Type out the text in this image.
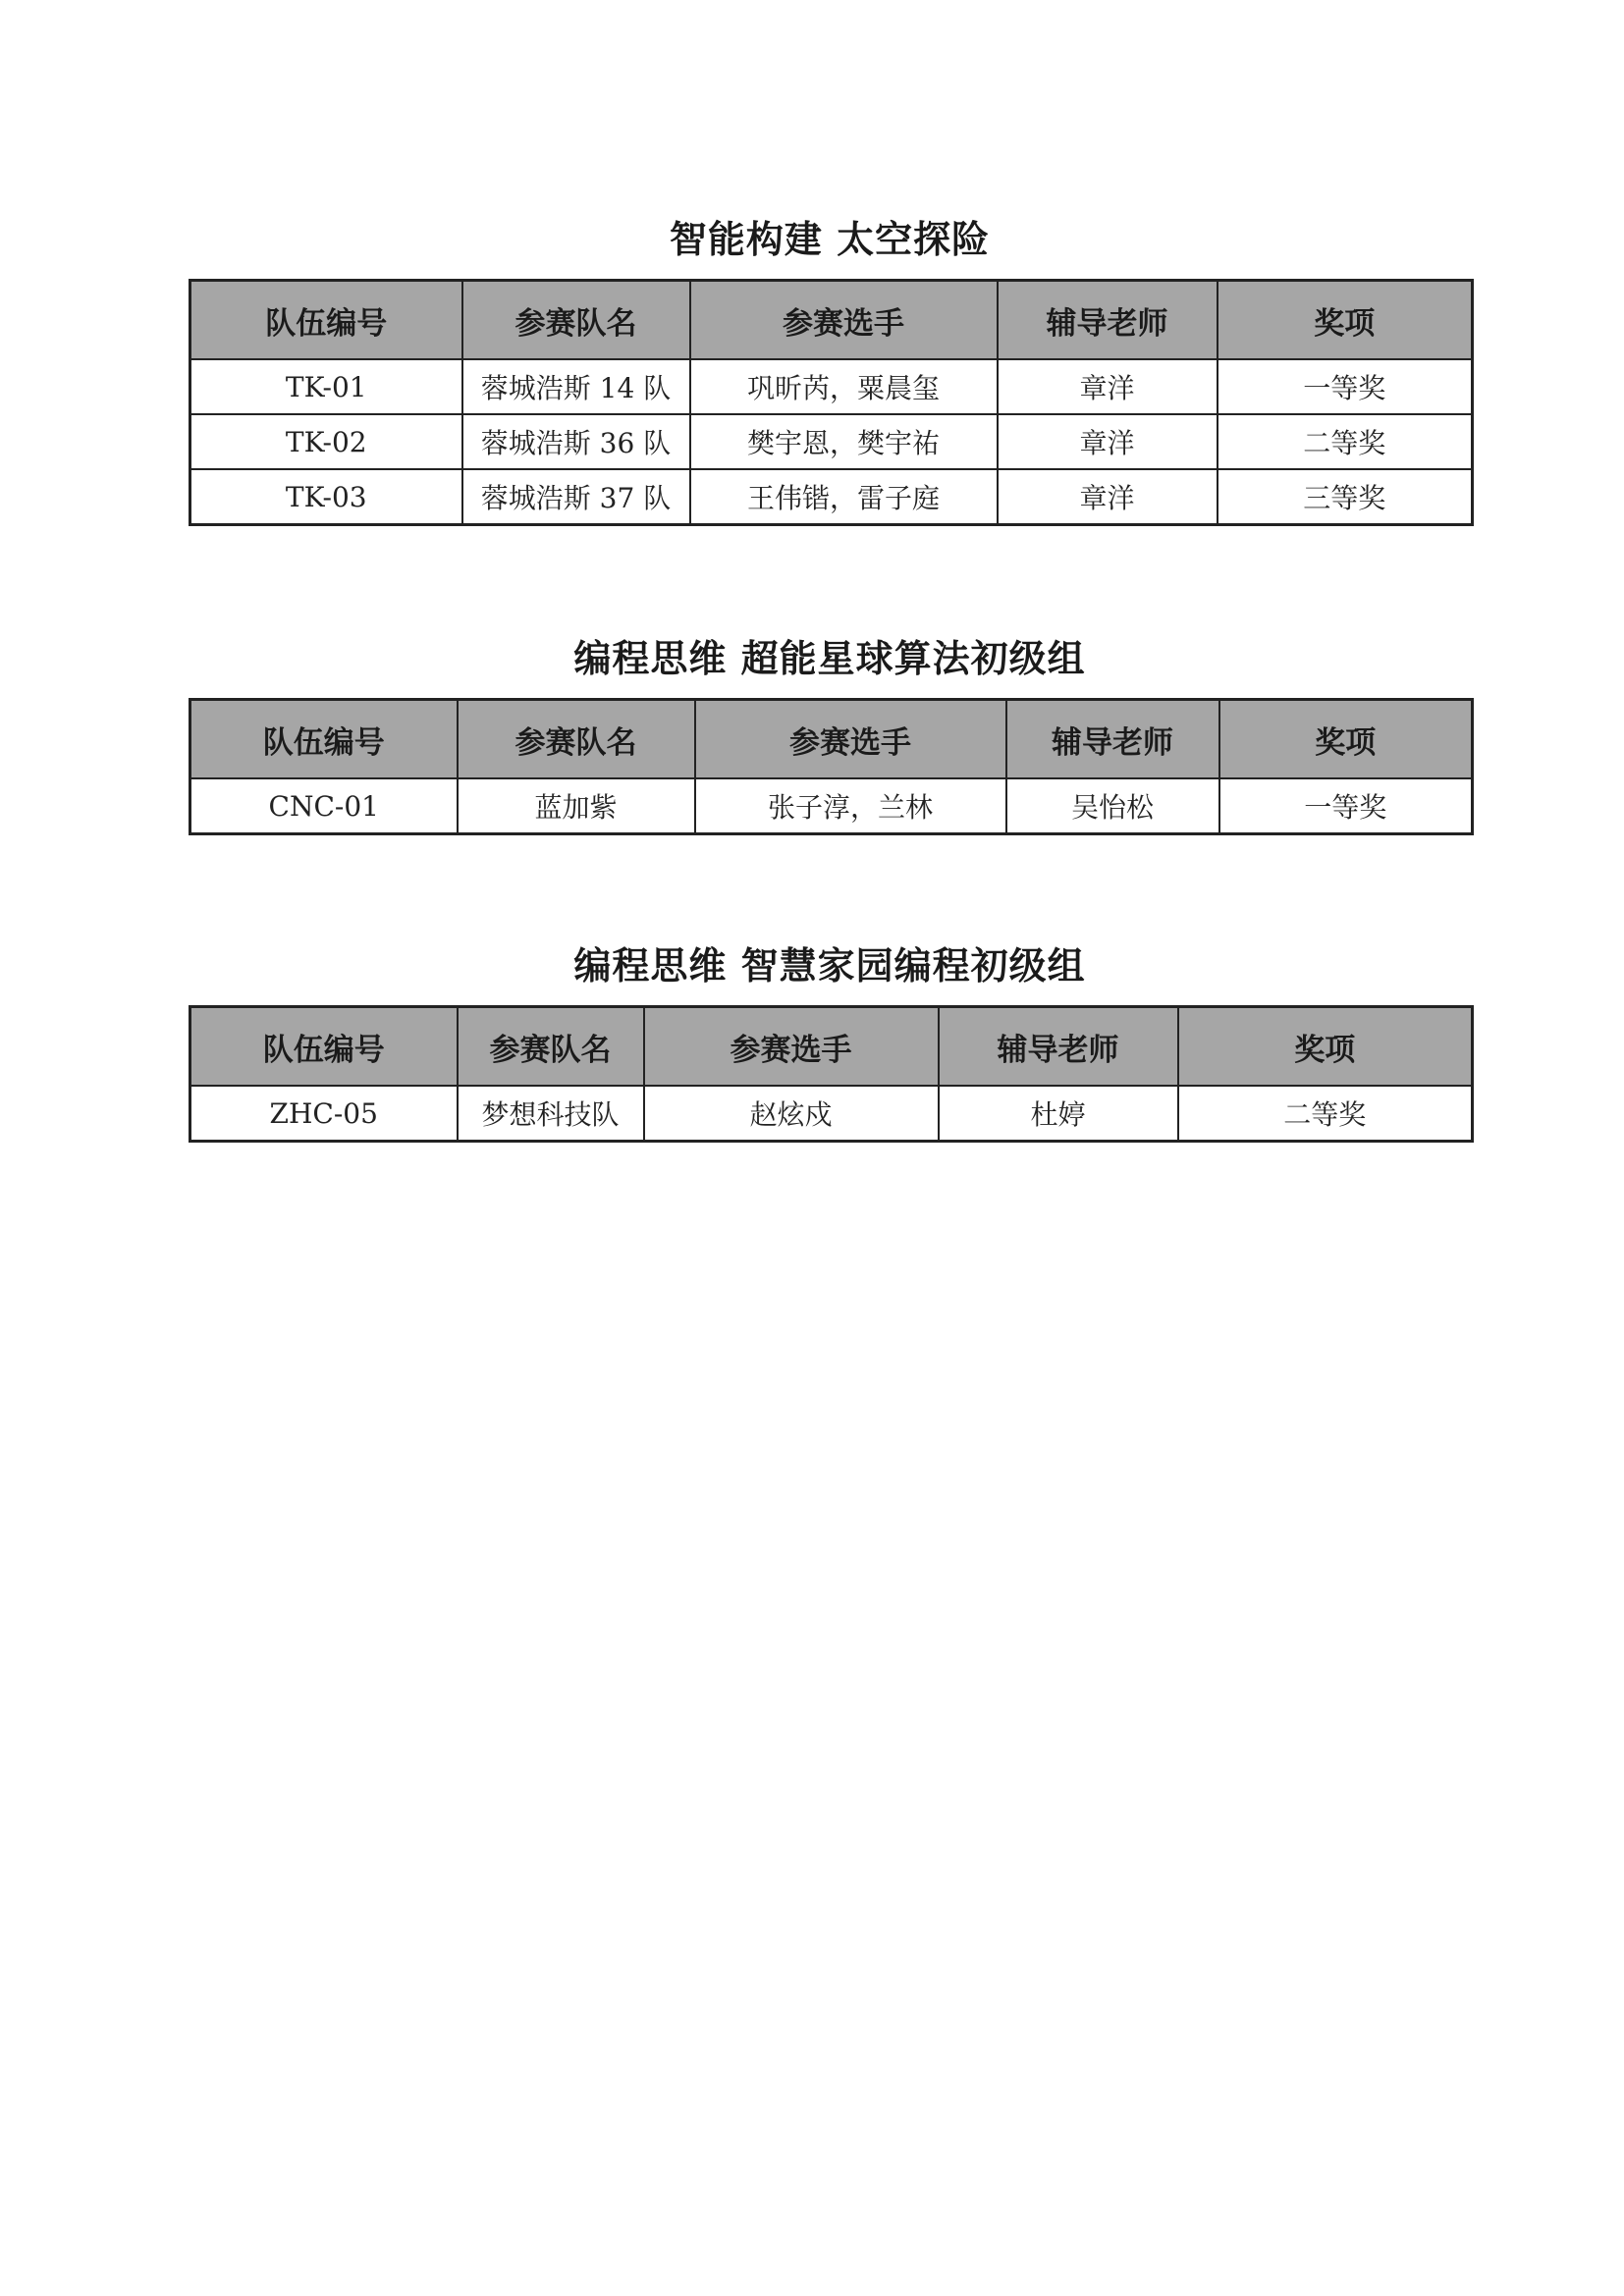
智能构建 太空探险
队伍编号	参赛队名	参赛选手	辅导老师	奖项
TK-01	蓉城浩斯 14 队	巩昕芮，粟晨玺	章洋	一等奖
TK-02	蓉城浩斯 36 队	樊宇恩，樊宇祐	章洋	二等奖
TK-03	蓉城浩斯 37 队	王伟锴，雷子庭	章洋	三等奖
编程思维 超能星球算法初级组
队伍编号	参赛队名	参赛选手	辅导老师	奖项
CNC-01	蓝加紫	张子淳，兰林	吴怡松	一等奖
编程思维 智慧家园编程初级组
队伍编号	参赛队名	参赛选手	辅导老师	奖项
ZHC-05	梦想科技队	赵炫戍	杜婷	二等奖
